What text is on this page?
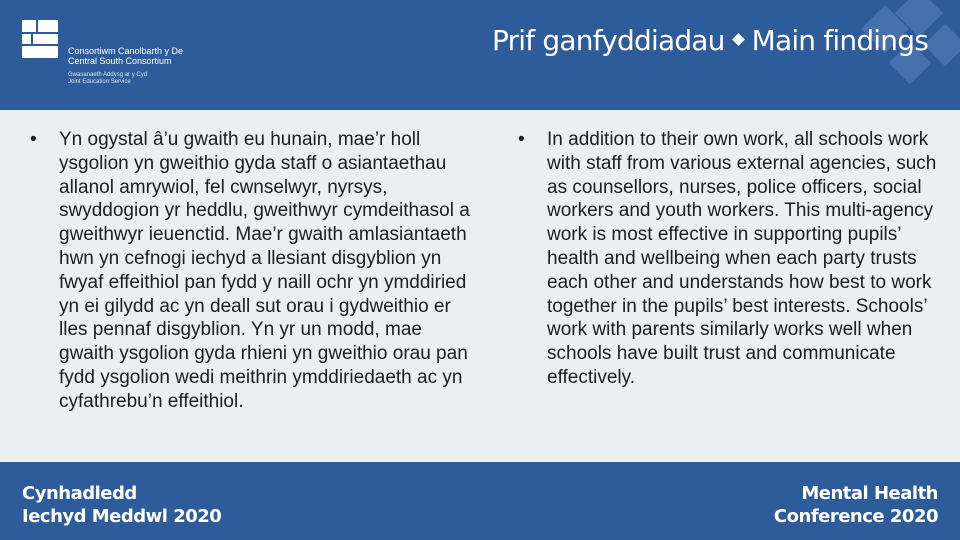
Consortiwm Canolbarth y De
Central South Consortium
Gwasanaeth Addysg ar y Cyd
Joint Education Service
Prif ganfyddiadau Main findings
•	Yn ogystal â’u gwaith eu hunain, mae’r holl ysgolion yn gweithio gyda staff o asiantaethau allanol amrywiol, fel cwnselwyr, nyrsys, swyddogion yr heddlu, gweithwyr cymdeithasol a gweithwyr ieuenctid. Mae’r gwaith amlasiantaeth hwn yn cefnogi iechyd a llesiant disgyblion yn fwyaf effeithiol pan fydd y naill ochr yn ymddiried yn ei gilydd ac yn deall sut orau i gydweithio er lles pennaf disgyblion. Yn yr un modd, mae gwaith ysgolion gyda rhieni yn gweithio orau pan fydd ysgolion wedi meithrin ymddiriedaeth ac yn cyfathrebu’n effeithiol.
•	In addition to their own work, all schools work with staff from various external agencies, such as counsellors, nurses, police officers, social workers and youth workers. This multi-agency work is most effective in supporting pupils’ health and wellbeing when each party trusts each other and understands how best to work together in the pupils’ best interests. Schools’ work with parents similarly works well when schools have built trust and communicate effectively.
Cynhadledd
Iechyd Meddwl 2020
Mental Health
Conference 2020
